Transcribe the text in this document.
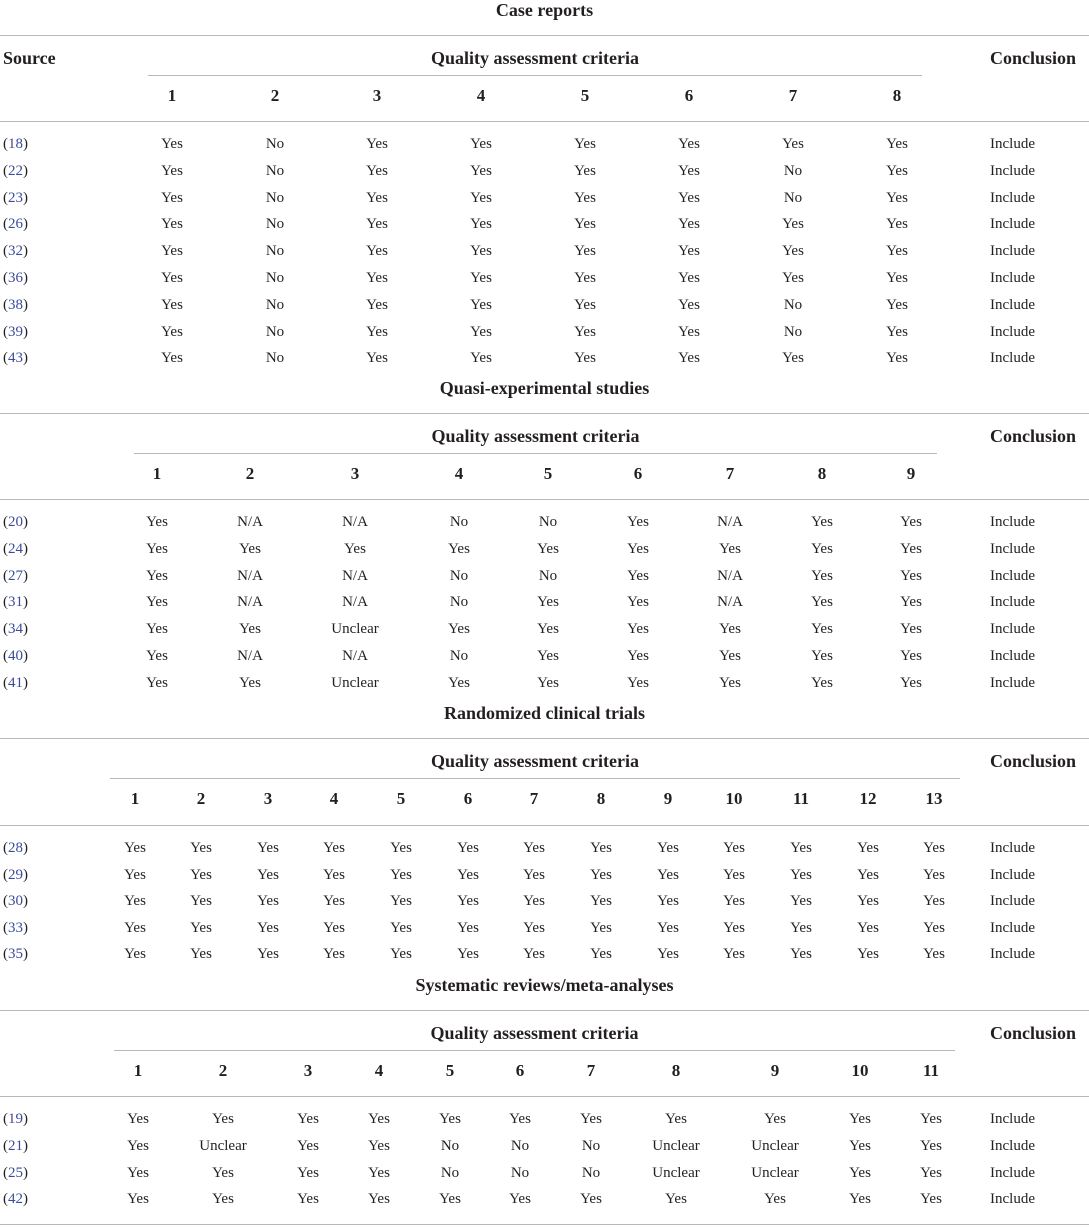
Case reports
Source	Quality assessment criteria	Conclusion
1	2	3	4	5	6	7	8
(18)	Yes	No	Yes	Yes	Yes	Yes	Yes	Yes	Include
(22)	Yes	No	Yes	Yes	Yes	Yes	No	Yes	Include
(23)	Yes	No	Yes	Yes	Yes	Yes	No	Yes	Include
(26)	Yes	No	Yes	Yes	Yes	Yes	Yes	Yes	Include
(32)	Yes	No	Yes	Yes	Yes	Yes	Yes	Yes	Include
(36)	Yes	No	Yes	Yes	Yes	Yes	Yes	Yes	Include
(38)	Yes	No	Yes	Yes	Yes	Yes	No	Yes	Include
(39)	Yes	No	Yes	Yes	Yes	Yes	No	Yes	Include
(43)	Yes	No	Yes	Yes	Yes	Yes	Yes	Yes	Include
Quasi-experimental studies
Quality assessment criteria	Conclusion
1	2	3	4	5	6	7	8	9
(20)	Yes	N/A	N/A	No	No	Yes	N/A	Yes	Yes	Include
(24)	Yes	Yes	Yes	Yes	Yes	Yes	Yes	Yes	Yes	Include
(27)	Yes	N/A	N/A	No	No	Yes	N/A	Yes	Yes	Include
(31)	Yes	N/A	N/A	No	Yes	Yes	N/A	Yes	Yes	Include
(34)	Yes	Yes	Unclear	Yes	Yes	Yes	Yes	Yes	Yes	Include
(40)	Yes	N/A	N/A	No	Yes	Yes	Yes	Yes	Yes	Include
(41)	Yes	Yes	Unclear	Yes	Yes	Yes	Yes	Yes	Yes	Include
Randomized clinical trials
Quality assessment criteria	Conclusion
1	2	3	4	5	6	7	8	9	10	11	12	13
(28)	Yes	Yes	Yes	Yes	Yes	Yes	Yes	Yes	Yes	Yes	Yes	Yes	Yes	Include
(29)	Yes	Yes	Yes	Yes	Yes	Yes	Yes	Yes	Yes	Yes	Yes	Yes	Yes	Include
(30)	Yes	Yes	Yes	Yes	Yes	Yes	Yes	Yes	Yes	Yes	Yes	Yes	Yes	Include
(33)	Yes	Yes	Yes	Yes	Yes	Yes	Yes	Yes	Yes	Yes	Yes	Yes	Yes	Include
(35)	Yes	Yes	Yes	Yes	Yes	Yes	Yes	Yes	Yes	Yes	Yes	Yes	Yes	Include
Systematic reviews/meta-analyses
Quality assessment criteria	Conclusion
1	2	3	4	5	6	7	8	9	10	11
(19)	Yes	Yes	Yes	Yes	Yes	Yes	Yes	Yes	Yes	Yes	Yes	Include
(21)	Yes	Unclear	Yes	Yes	No	No	No	Unclear	Unclear	Yes	Yes	Include
(25)	Yes	Yes	Yes	Yes	No	No	No	Unclear	Unclear	Yes	Yes	Include
(42)	Yes	Yes	Yes	Yes	Yes	Yes	Yes	Yes	Yes	Yes	Yes	Include
